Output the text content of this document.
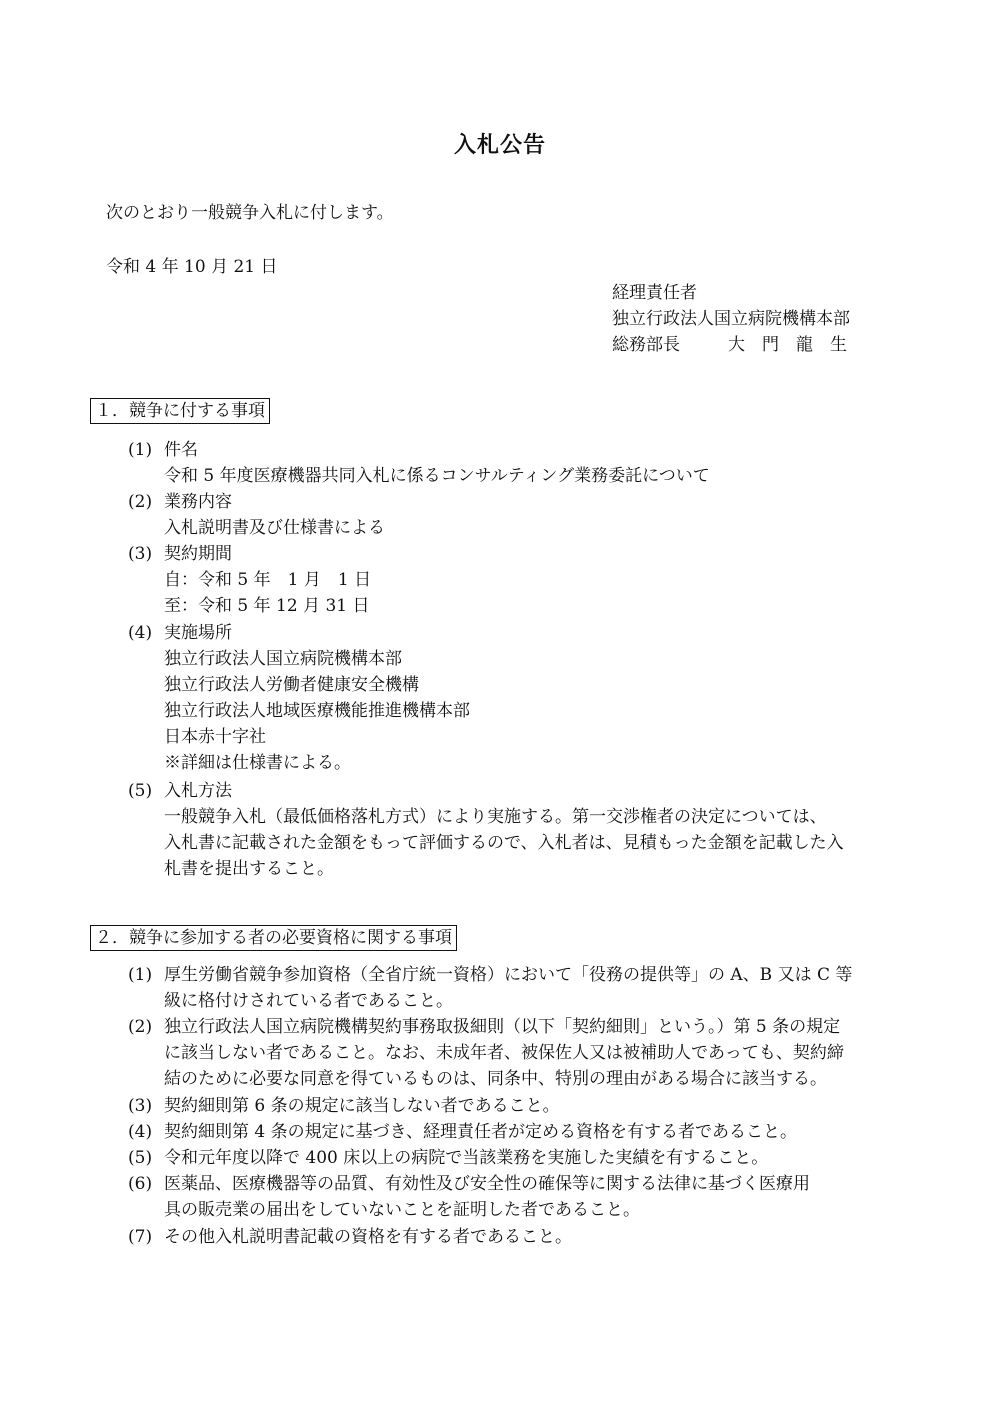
入札公告
次のとおり一般競争入札に付します。
令和 4 年 10 月 21 日
経理責任者
独立行政法人国立病院機構本部
総務部長	大　門　龍　生
１．競争に付する事項
(1) 件名
令和 5 年度医療機器共同入札に係るコンサルティング業務委託について
(2) 業務内容
入札説明書及び仕様書による
(3) 契約期間
自：令和 5 年　1 月　1 日
至：令和 5 年 12 月 31 日
(4) 実施場所
独立行政法人国立病院機構本部
独立行政法人労働者健康安全機構
独立行政法人地域医療機能推進機構本部
日本赤十字社
※詳細は仕様書による。
(5) 入札方法
一般競争入札（最低価格落札方式）により実施する。第一交渉権者の決定については、
入札書に記載された金額をもって評価するので、入札者は、見積もった金額を記載した入
札書を提出すること。
２．競争に参加する者の必要資格に関する事項
(1) 厚生労働省競争参加資格（全省庁統一資格）において「役務の提供等」の A、B 又は C 等
級に格付けされている者であること。
(2) 独立行政法人国立病院機構契約事務取扱細則（以下「契約細則」という。）第 5 条の規定
に該当しない者であること。なお、未成年者、被保佐人又は被補助人であっても、契約締
結のために必要な同意を得ているものは、同条中、特別の理由がある場合に該当する。
(3) 契約細則第 6 条の規定に該当しない者であること。
(4) 契約細則第 4 条の規定に基づき、経理責任者が定める資格を有する者であること。
(5) 令和元年度以降で 400 床以上の病院で当該業務を実施した実績を有すること。
(6) 医薬品、医療機器等の品質、有効性及び安全性の確保等に関する法律に基づく医療用
具の販売業の届出をしていないことを証明した者であること。
(7) その他入札説明書記載の資格を有する者であること。
